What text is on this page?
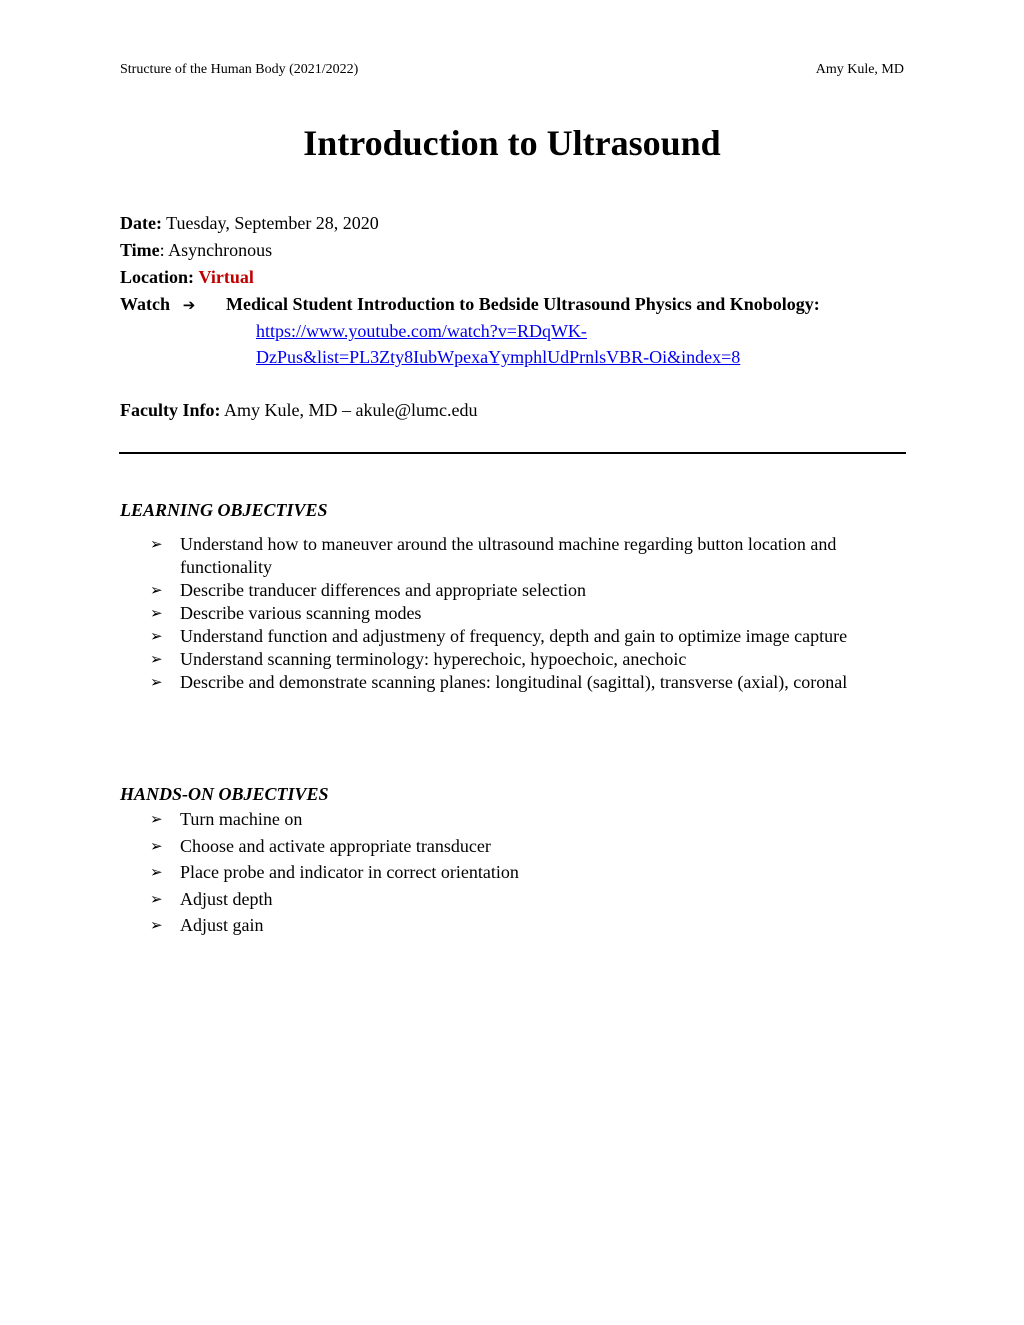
Structure of the Human Body (2021/2022)	Amy Kule, MD
Introduction to Ultrasound
Date: Tuesday, September 28, 2020
Time: Asynchronous
Location: Virtual
Watch ➔ Medical Student Introduction to Bedside Ultrasound Physics and Knobology:
https://www.youtube.com/watch?v=RDqWK-
DzPus&list=PL3Zty8IubWpexaYymphlUdPrnlsVBR-Oi&index=8
Faculty Info: Amy Kule, MD – akule@lumc.edu
LEARNING OBJECTIVES
➢ Understand how to maneuver around the ultrasound machine regarding button location and functionality
➢ Describe tranducer differences and appropriate selection
➢ Describe various scanning modes
➢ Understand function and adjustmeny of frequency, depth and gain to optimize image capture
➢ Understand scanning terminology: hyperechoic, hypoechoic, anechoic
➢ Describe and demonstrate scanning planes: longitudinal (sagittal), transverse (axial), coronal
HANDS-ON OBJECTIVES
➢ Turn machine on
➢ Choose and activate appropriate transducer
➢ Place probe and indicator in correct orientation
➢ Adjust depth
➢ Adjust gain
